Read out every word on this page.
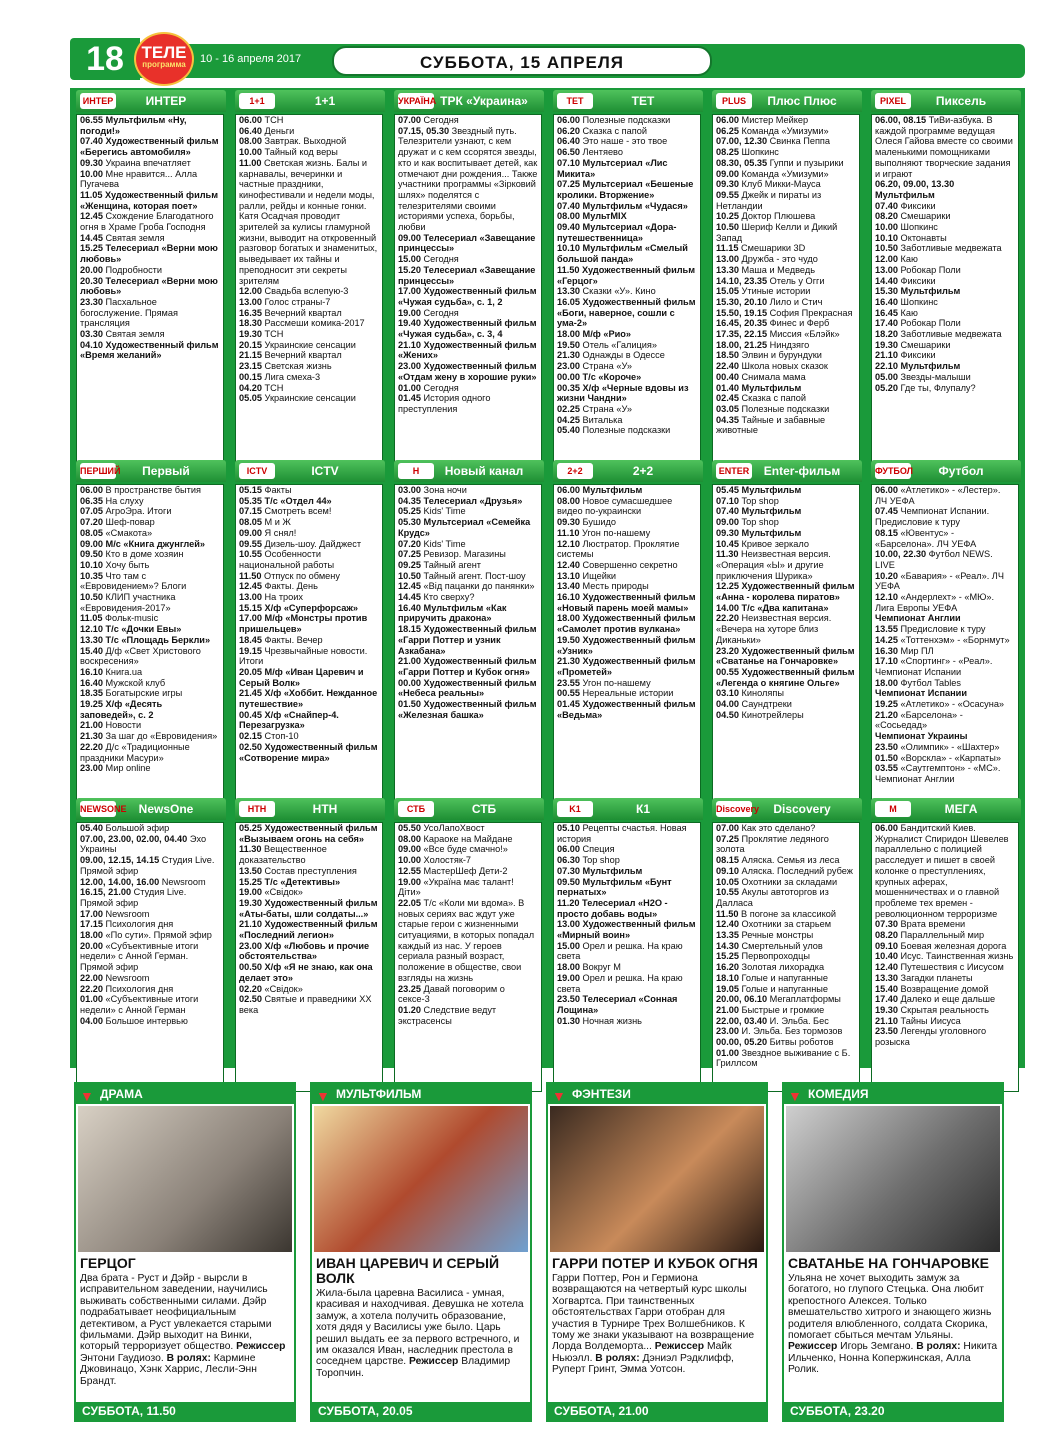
18	ТЕЛЕ
программа	10 - 16 апреля 2017	СУББОТА, 15 АПРЕЛЯ
ИНТЕР	ИНТЕР
06.55 Мультфильм «Ну, погоди!»
07.40 Художественный фильм «Берегись автомобиля»
09.30 Украина впечатляет
10.00 Мне нравится... Алла Пугачева
11.05 Художественный фильм «Женщина, которая поет»
12.45 Схождение Благодатного огня в Храме Гроба Господня
14.45 Святая земля
15.25 Телесериал «Верни мою любовь»
20.00 Подробности
20.30 Телесериал «Верни мою любовь»
23.30 Пасхальное богослужение. Прямая трансляция
03.30 Святая земля
04.10 Художественный фильм «Время желаний»
1+1	1+1
06.00 ТСН
06.40 Деньги
08.00 Завтрак. Выходной
10.00 Тайный код веры
11.00 Светская жизнь. Балы и карнавалы, вечеринки и частные праздники, кинофестивали и недели моды, ралли, рейды и конные гонки. Катя Осадчая проводит зрителей за кулисы гламурной жизни, выводит на откровенный разговор богатых и знаменитых, выведывает их тайны и преподносит эти секреты зрителям
12.00 Свадьба вслепую-3
13.00 Голос страны-7
16.35 Вечерний квартал
18.30 Рассмеши комика-2017
19.30 ТСН
20.15 Украинские сенсации
21.15 Вечерний квартал
23.15 Светская жизнь
00.15 Лига смеха-3
04.20 ТСН
05.05 Украинские сенсации
УКРАЇНА ТРК «Украина»
07.00 Сегодня
07.15, 05.30 Звездный путь. Телезрители узнают, с кем дружат и с кем ссорятся звезды, кто и как воспитывает детей, как отмечают дни рождения... Также участники программы «Зірковий шлях» поделятся с телезрителями своими историями успеха, борьбы, любви
09.00 Телесериал «Завещание принцессы»
15.00 Сегодня
15.20 Телесериал «Завещание принцессы»
17.00 Художественный фильм «Чужая судьба», с. 1, 2
19.00 Сегодня
19.40 Художественный фильм «Чужая судьба», с. 3, 4
21.10 Художественный фильм «Жених»
23.00 Художественный фильм «Отдам жену в хорошие руки»
01.00 Сегодня
01.45 История одного преступления
ТЕТ	ТЕТ
06.00 Полезные подсказки
06.20 Сказка с папой
06.40 Это наше - это твое
06.50 Лентяево
07.10 Мультсериал «Лис Микита»
07.25 Мультсериал «Бешеные кролики. Вторжение»
07.40 Мультфильм «Чудася»
08.00 МультMIX
09.40 Мультсериал «Дора-путешественница»
10.10 Мультфильм «Смелый большой панда»
11.50 Художественный фильм «Герцог»
13.30 Сказки «У». Кино
16.05 Художественный фильм «Боги, наверное, сошли с ума-2»
18.00 М/ф «Рио»
19.50 Отель «Галиция»
21.30 Однажды в Одессе
23.00 Страна «У»
00.00 Т/с «Короче»
00.35 Х/ф «Черные вдовы из жизни Чандни»
02.25 Страна «У»
04.25 Виталька
05.40 Полезные подсказки
PLUS	Плюс Плюс
06.00 Мистер Мейкер
06.25 Команда «Умизуми»
07.00, 12.30 Свинка Пеппа
08.25 Шопкинс
08.30, 05.35 Гуппи и пузырики
09.00 Команда «Умизуми»
09.30 Клуб Микки-Мауса
09.55 Джейк и пираты из Нетландии
10.25 Доктор Плюшева
10.50 Шериф Келли и Дикий Запад
11.15 Смешарики 3D
13.00 Дружба - это чудо
13.30 Маша и Медведь
14.10, 23.35 Отель у Огги
15.05 Утиные истории
15.30, 20.10 Лило и Стич
15.50, 19.15 София Прекрасная
16.45, 20.35 Финес и Ферб
17.35, 22.15 Миссия «Блэйк»
18.00, 21.25 Ниндзяго
18.50 Элвин и бурундуки
22.40 Школа новых сказок
00.40 Снимала мама
01.40 Мультфильм
02.45 Сказка с папой
03.05 Полезные подсказки
04.35 Тайные и забавные животные
PIXEL	Пиксель
06.00, 08.15 ТиВи-азбука. В каждой программе ведущая Олеся Гайова вместе со своими маленькими помощниками выполняют творческие задания и играют
06.20, 09.00, 13.30 Мультфильм
07.40 Фиксики
08.20 Смешарики
10.00 Шопкинс
10.10 Октонавты
10.50 Заботливые медвежата
12.00 Каю
13.00 Робокар Поли
14.40 Фиксики
15.30 Мультфильм
16.40 Шопкинс
16.45 Каю
17.40 Робокар Поли
18.20 Заботливые медвежата
19.30 Смешарики
21.10 Фиксики
22.10 Мультфильм
05.00 Звезды-малыши
05.20 Где ты, Флупалу?
ПЕРШИЙ Первый
06.00 В пространстве бытия
06.35 На слуху
07.05 АгроЭра. Итоги
07.20 Шеф-повар
08.05 «Смакота»
09.00 М/с «Книга джунглей»
09.50 Кто в доме хозяин
10.10 Хочу быть
10.35 Что там с «Евровидением»? Блоги
10.50 КЛИП участника «Евровидения-2017»
11.05 Фольк-music
12.10 Т/с «Дочки Евы»
13.30 Т/с «Площадь Беркли»
15.40 Д/ф «Свет Христового воскресения»
16.10 Книга.ua
16.40 Мужской клуб
18.35 Богатырские игры
19.25 Х/ф «Десять заповедей», с. 2
21.00 Новости
21.30 За шаг до «Евровидения»
22.20 Д/с «Традиционные праздники Масури»
23.00 Мир online
ICTV	ICTV
05.15 Факты
05.35 Т/с «Отдел 44»
07.15 Смотреть всем!
08.05 М и Ж
09.00 Я снял!
09.55 Дизель-шоу. Дайджест
10.55 Особенности национальной работы
11.50 Отпуск по обмену
12.45 Факты. День
13.00 На троих
15.15 Х/ф «Суперфорсаж»
17.00 М/ф «Монстры против пришельцев»
18.45 Факты. Вечер
19.15 Чрезвычайные новости. Итоги
20.05 М/ф «Иван Царевич и Серый Волк»
21.45 Х/ф «Хоббит. Нежданное путешествие»
00.45 Х/ф «Снайпер-4. Перезагрузка»
02.15 Стоп-10
02.50 Художественный фильм «Сотворение мира»
Н	Новый канал
03.00 Зона ночи
04.35 Телесериал «Друзья»
05.25 Kids' Time
05.30 Мультсериал «Семейка Крудс»
07.20 Kids' Time
07.25 Ревизор. Магазины
09.25 Тайный агент
10.50 Тайный агент. Пост-шоу
12.45 «Від пацанки до панянки»
14.45 Кто сверху?
16.40 Мультфильм «Как приручить дракона»
18.15 Художественный фильм «Гарри Поттер и узник Азкабана»
21.00 Художественный фильм «Гарри Поттер и Кубок огня»
00.00 Художественный фильм «Небеса реальны»
01.50 Художественный фильм «Железная башка»
2+2	2+2
06.00 Мультфильм
08.00 Новое сумасшедшее видео по-украински
09.30 Бушидо
11.10 Угон по-нашему
12.10 Люстратор. Проклятие системы
12.40 Совершенно секретно
13.10 Ищейки
13.40 Месть природы
16.10 Художественный фильм «Новый парень моей мамы»
18.00 Художественный фильм «Самолет против вулкана»
19.50 Художественный фильм «Узник»
21.30 Художественный фильм «Прометей»
23.55 Угон по-нашему
00.55 Нереальные истории
01.45 Художественный фильм «Ведьма»
ENTER Enter-фильм
05.45 Мультфильм
07.10 Top shop
07.40 Мультфильм
09.00 Top shop
09.30 Мультфильм
10.45 Кривое зеркало
11.30 Неизвестная версия. «Операция «Ы» и другие приключения Шурика»
12.25 Художественный фильм «Анна - королева пиратов»
14.00 Т/с «Два капитана»
22.20 Неизвестная версия. «Вечера на хуторе близ Диканьки»
23.20 Художественный фильм «Сватанье на Гончаровке»
00.55 Художественный фильм «Легенда о княгине Ольге»
03.10 Киноляпы
04.00 Саундтреки
04.50 Кинотрейлеры
ФУТБОЛ Футбол
06.00 «Атлетико» - «Лестер». ЛЧ УЕФА
07.45 Чемпионат Испании. Предисловие к туру
08.15 «Ювентус» - «Барселона». ЛЧ УЕФА
10.00, 22.30 Футбол NEWS. LIVE
10.20 «Бавария» - «Реал». ЛЧ УЕФА
12.10 «Андерлехт» - «МЮ». Лига Европы УЕФА
Чемпионат Англии
13.55 Предисловие к туру
14.25 «Тоттенхэм» - «Борнмут»
16.30 Мир ПЛ
17.10 «Спортинг» - «Реал». Чемпионат Испании
18.00 Футбол Tables
Чемпионат Испании
19.25 «Атлетико» - «Осасуна»
21.20 «Барселона» - «Сосьедад»
Чемпионат Украины
23.50 «Олимпик» - «Шахтер»
01.50 «Ворскла» - «Карпаты»
03.55 «Саутгемптон» - «МС». Чемпионат Англии
NEWSONE NewsOne
05.40 Большой эфир
07.00, 23.00, 02.00, 04.40 Эхо Украины
09.00, 12.15, 14.15 Студия Live. Прямой эфир
12.00, 14.00, 16.00 Newsroom
16.15, 21.00 Студия Live. Прямой эфир
17.00 Newsroom
17.15 Психология дня
18.00 «По сути». Прямой эфир
20.00 «Субъективные итоги недели» с Анной Герман. Прямой эфир
22.00 Newsroom
22.20 Психология дня
01.00 «Субъективные итоги недели» с Анной Герман
04.00 Большое интервью
НТН	НТН
05.25 Художественный фильм «Вызываем огонь на себя»
11.30 Вещественное доказательство
13.50 Состав преступления
15.25 Т/с «Детективы»
19.00 «Свідок»
19.30 Художественный фильм «Аты-баты, шли солдаты...»
21.10 Художественный фильм «Последний легион»
23.00 Х/ф «Любовь и прочие обстоятельства»
00.50 Х/ф «Я не знаю, как она делает это»
02.20 «Свідок»
02.50 Святые и праведники XX века
СТБ	СТБ
05.50 УсоЛапоХвост
08.00 Караоке на Майдане
09.00 «Все буде смачно!»
10.00 Холостяк-7
12.55 МастерШеф Дети-2
19.00 «Україна має талант! Діти»
22.05 Т/с «Коли ми вдома». В новых сериях вас ждут уже старые герои с жизненными ситуациями, в которых попадал каждый из нас. У героев сериала разный возраст, положение в обществе, свои взгляды на жизнь
23.25 Давай поговорим о сексе-3
01.20 Следствие ведут экстрасенсы
K1	К1
05.10 Рецепты счастья. Новая история
06.00 Специя
06.30 Top shop
07.30 Мультфильм
09.50 Мультфильм «Бунт пернатых»
11.20 Телесериал «H2O - просто добавь воды»
13.00 Художественный фильм «Мирный воин»
15.00 Орел и решка. На краю света
18.00 Вокруг М
19.00 Орел и решка. На краю света
23.50 Телесериал «Сонная Лощина»
01.30 Ночная жизнь
Discovery Discovery
07.00 Как это сделано?
07.25 Проклятие ледяного золота
08.15 Аляска. Семья из леса
09.10 Аляска. Последний рубеж
10.05 Охотники за складами
10.55 Акулы автоторгов из Далласа
11.50 В погоне за классикой
12.40 Охотники за старьем
13.35 Речные монстры
14.30 Смертельный улов
15.25 Первопроходцы
16.20 Золотая лихорадка
18.10 Голые и напуганные
19.05 Голые и напуганные
20.00, 06.10 Мегаплатформы
21.00 Быстрые и громкие
22.00, 03.40 И. Эльба. Бес
23.00 И. Эльба. Без тормозов
00.00, 05.20 Битвы роботов
01.00 Звездное выживание с Б. Гриллсом
M	МЕГА
06.00 Бандитский Киев. Журналист Спиридон Шевелев параллельно с полицией расследует и пишет в своей колонке о преступлениях, крупных аферах, мошенничествах и о главной проблеме тех времен - революционном терроризме
07.30 Врата времени
08.20 Параллельный мир
09.10 Боевая железная дорога
10.40 Исус. Таинственная жизнь
12.40 Путешествия с Иисусом
13.30 Загадки планеты
15.40 Возвращение домой
17.40 Далеко и еще дальше
19.30 Скрытая реальность
21.10 Тайны Иисуса
23.50 Легенды уголовного розыска
▼ ДРАМА
ГЕРЦОГ
Два брата - Руст и Дэйр - вырсли в исправительном заведении, научились выживать собственными силами. Дэйр подрабатывает неофициальным детективом, а Руст увлекается старыми фильмами. Дэйр выходит на Винки, который терроризует общество. Режиссер Энтони Гаудиозо. В ролях: Кармине Джовинацо, Хэнк Харрис, Лесли-Энн Брандт.
СУББОТА, 11.50
▼ МУЛЬТФИЛЬМ
ИВАН ЦАРЕВИЧ И СЕРЫЙ ВОЛК
Жила-была царевна Василиса - умная, красивая и находчивая. Девушка не хотела замуж, а хотела получить образование, хотя дядя у Василисы уже было. Царь решил выдать ее за первого встречного, и им оказался Иван, наследник престола в соседнем царстве. Режиссер Владимир Торопчин.
СУББОТА, 20.05
▼ ФЭНТЕЗИ
ГАРРИ ПОТЕР И КУБОК ОГНЯ
Гарри Поттер, Рон и Гермиона возвращаются на четвертый курс школы Хогвартса. При таинственных обстоятельствах Гарри отобран для участия в Турнире Трех Волшебников. К тому же знаки указывают на возвращение Лорда Волдеморта... Режиссер Майк Ньюэлл. В ролях: Дэниэл Рэдклифф, Руперт Гринт, Эмма Уотсон.
СУББОТА, 21.00
▼ КОМЕДИЯ
СВАТАНЬЕ НА ГОНЧАРОВКЕ
Ульяна не хочет выходить замуж за богатого, но глупого Стецька. Она любит крепостного Алексея. Только вмешательство хитрого и знающего жизнь родителя влюбленного, солдата Скорика, помогает сбыться мечтам Ульяны. Режиссер Игорь Земгано. В ролях: Никита Ильченко, Нонна Копержинская, Алла Ролик.
СУББОТА, 23.20
